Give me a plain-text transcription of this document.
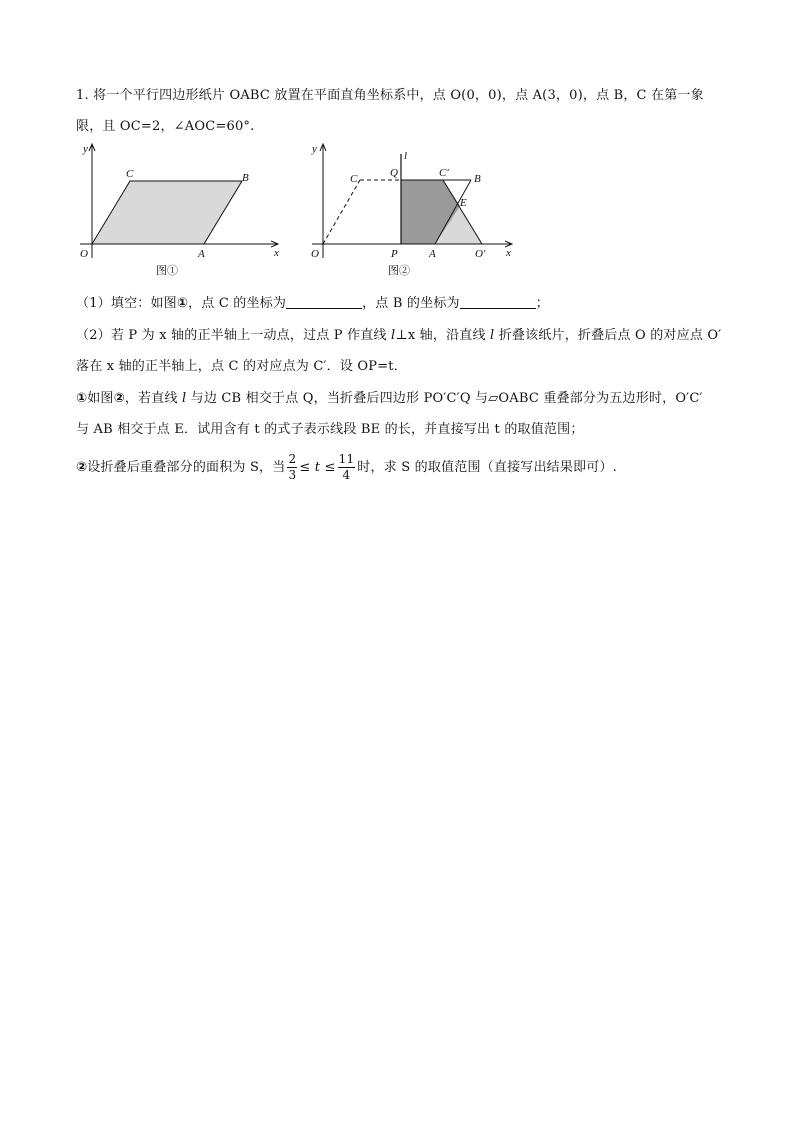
1. 将一个平行四边形纸片 OABC 放置在平面直角坐标系中，点 O(0，0)，点 A(3，0)，点 B，C 在第一象
限，且 OC=2，∠AOC=60°.
y
x
O	A
B
C
图①
y
x
l
C	Q	C′ B
E
O	P	A	O′
图②
（1）填空：如图①，点 C 的坐标为	，点 B 的坐标为	；
（2）若 P 为 x 轴的正半轴上一动点，过点 P 作直线 l⊥x 轴，沿直线 l 折叠该纸片，折叠后点 O 的对应点 O′
落在 x 轴的正半轴上，点 C 的对应点为 C′．设 OP=t．
①如图②，若直线 l 与边 CB 相交于点 Q，当折叠后四边形 PO′C′Q 与▱OABC 重叠部分为五边形时，O′C′
与 AB 相交于点 E．试用含有 t 的式子表示线段 BE 的长，并直接写出 t 的取值范围；
②设折叠后重叠部分的面积为 S，当 $\frac{2}{3} \le t \le \frac{11}{4}$ 时，求 S 的取值范围（直接写出结果即可）.
